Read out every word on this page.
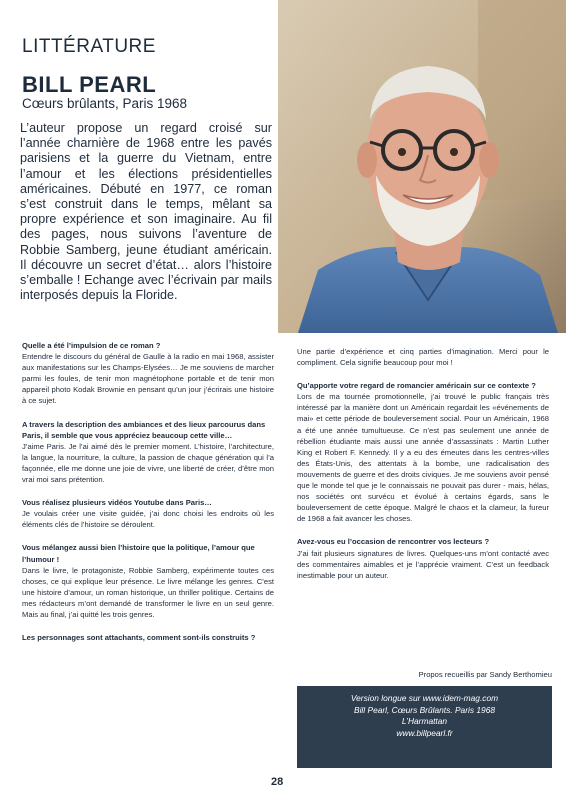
LITTÉRATURE
BILL PEARL
Cœurs brûlants, Paris 1968

L’auteur propose un regard croisé sur l’année charnière de 1968 entre les pavés parisiens et la guerre du Vietnam, entre l’amour et les élections présidentielles américaines. Débuté en 1977, ce roman s’est construit dans le temps, mêlant sa propre expérience et son imaginaire. Au fil des pages, nous suivons l’aventure de Robbie Samberg, jeune étudiant américain. Il découvre un secret d’état… alors l’histoire s’emballe ! Echange avec l’écrivain par mails interposés depuis la Floride.

Quelle a été l’impulsion de ce roman ?

Entendre le discours du général de Gaulle à la radio en mai 1968, assister aux manifestations sur les Champs-Elysées… Je me souviens de marcher parmi les foules, de tenir mon magnétophone portable et de tenir mon appareil photo Kodak Brownie en pensant qu’un jour j’écrirais une histoire à ce sujet.

A travers la description des ambiances et des lieux parcourus dans Paris, il semble que vous appréciez beaucoup cette ville…

J’aime Paris. Je l’ai aimé dès le premier moment. L’histoire, l’architecture, la langue, la nourriture, la culture, la passion de chaque génération qui l’a façonnée, elle me donne une joie de vivre, une liberté de créer, d’être mon vrai moi sans prétention.

Vous réalisez plusieurs vidéos Youtube dans Paris…

Je voulais créer une visite guidée, j’ai donc choisi les endroits où les éléments clés de l’histoire se déroulent.

Vous mélangez aussi bien l’histoire que la politique, l’amour que l’humour !

Dans le livre, le protagoniste, Robbie Samberg, expérimente toutes ces choses, ce qui explique leur présence. Le livre mélange les genres. C’est une histoire d’amour, un roman historique, un thriller politique. Certains de mes rédacteurs m’ont demandé de transformer le livre en un seul genre. Mais au final, j’ai quitté les trois genres.

Les personnages sont attachants, comment sont-ils construits ?

Une partie d’expérience et cinq parties d’imagination. Merci pour le compliment. Cela signifie beaucoup pour moi !

Qu’apporte votre regard de romancier américain sur ce contexte ?

Lors de ma tournée promotionnelle, j’ai trouvé le public français très intéressé par la manière dont un Américain regardait les «événements de mai» et cette période de bouleversement social. Pour un Américain, 1968 a été une année tumultueuse. Ce n’est pas seulement une année de rébellion étudiante mais aussi une année d’assassinats : Martin Luther King et Robert F. Kennedy. Il y a eu des émeutes dans les centres-villes des États-Unis, des attentats à la bombe, une radicalisation des mouvements de guerre et des droits civiques. Je me souviens avoir pensé que le monde tel que je le connaissais ne pouvait pas durer - mais, hélas, nos sociétés ont survécu et évolué à certains égards, sans le bouleversement de cette époque. Malgré le chaos et la clameur, la fureur de 1968 a fait avancer les choses.

Avez-vous eu l’occasion de rencontrer vos lecteurs ?

J’ai fait plusieurs signatures de livres. Quelques-uns m’ont contacté avec des commentaires aimables et je l’apprécie vraiment. C’est un feedback inestimable pour un auteur.

Propos recueillis par Sandy Berthomieu
Version longue sur www.idem-mag.com
Bill Pearl, Cœurs Brûlants. Paris 1968
L’Harmattan
www.billpearl.fr
28
